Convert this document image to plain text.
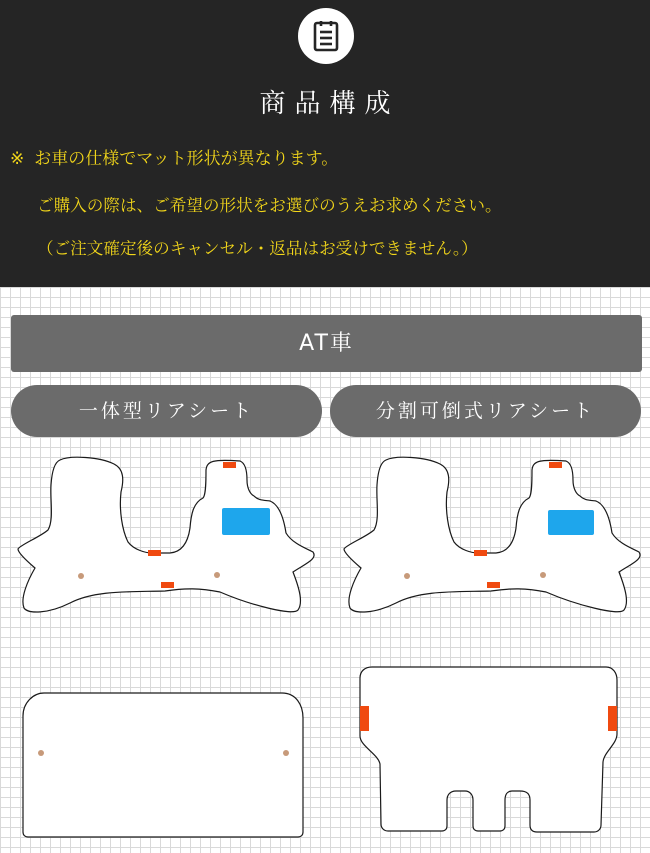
商品構成
※ お車の仕様でマット形状が異なります。
ご購入の際は、ご希望の形状をお選びのうえお求めください。
（ご注文確定後のキャンセル・返品はお受けできません。）
AT車
一体型リアシート	分割可倒式リアシート
